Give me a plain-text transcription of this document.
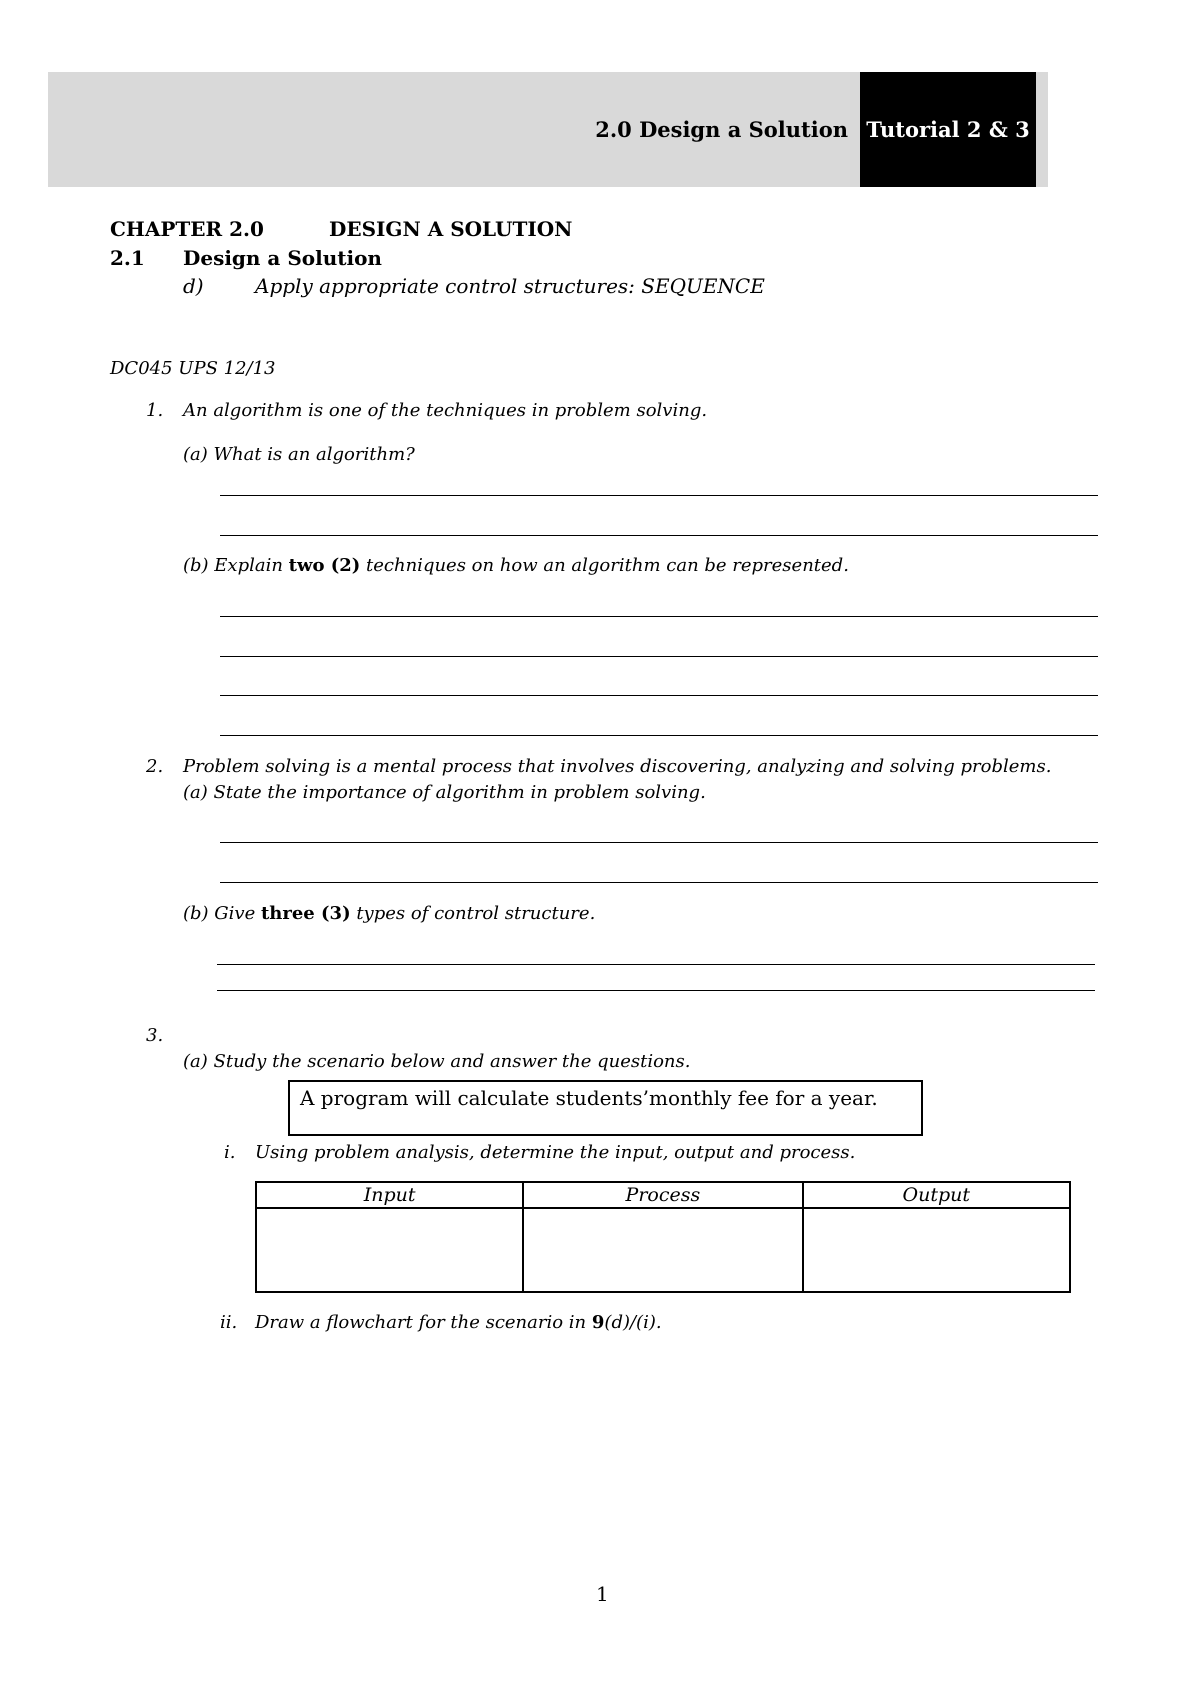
2.0 Design a Solution Tutorial 2 & 3
CHAPTER 2.0	DESIGN A SOLUTION
2.1 Design a Solution
d)	Apply appropriate control structures: SEQUENCE
DC045 UPS 12/13
1. An algorithm is one of the techniques in problem solving.
(a) What is an algorithm?
(b) Explain two (2) techniques on how an algorithm can be represented.
2. Problem solving is a mental process that involves discovering, analyzing and solving problems.
(a) State the importance of algorithm in problem solving.
(b) Give three (3) types of control structure.
3.
(a) Study the scenario below and answer the questions.
A program will calculate students’monthly fee for a year.
i. Using problem analysis, determine the input, output and process.
Input	Process	Output

ii. Draw a flowchart for the scenario in 9(d)/(i).
1
